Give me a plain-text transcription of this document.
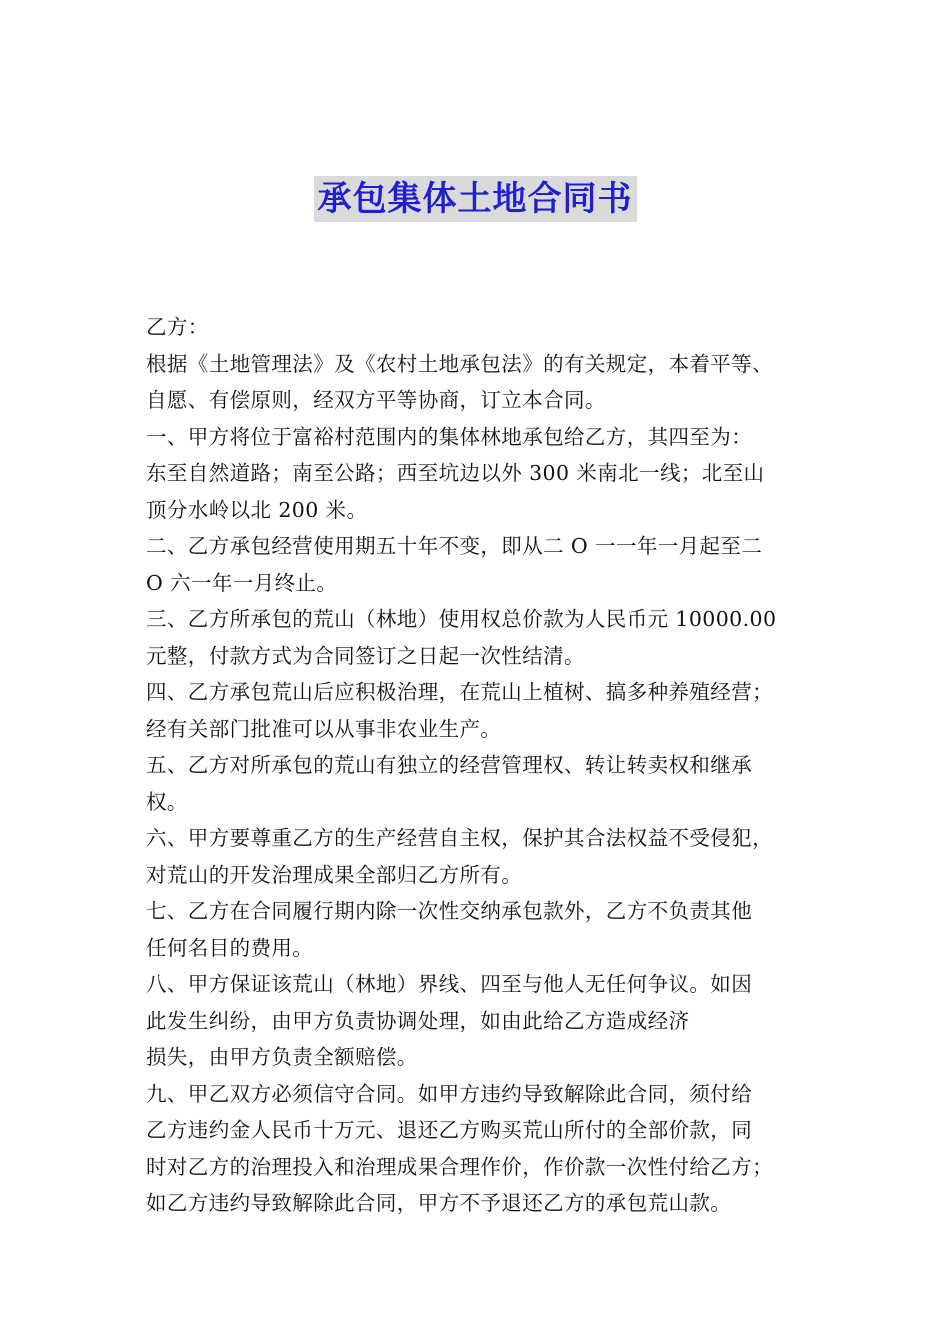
承包集体土地合同书
乙方：
根据《土地管理法》及《农村土地承包法》的有关规定，本着平等、
自愿、有偿原则，经双方平等协商，订立本合同。
一、甲方将位于富裕村范围内的集体林地承包给乙方，其四至为：
东至自然道路；南至公路；西至坑边以外 300 米南北一线；北至山
顶分水岭以北 200 米。
二、乙方承包经营使用期五十年不变，即从二 O 一一年一月起至二
O 六一年一月终止。
三、乙方所承包的荒山（林地）使用权总价款为人民币元 10000.00
元整，付款方式为合同签订之日起一次性结清。
四、乙方承包荒山后应积极治理，在荒山上植树、搞多种养殖经营；
经有关部门批准可以从事非农业生产。
五、乙方对所承包的荒山有独立的经营管理权、转让转卖权和继承
权。
六、甲方要尊重乙方的生产经营自主权，保护其合法权益不受侵犯，
对荒山的开发治理成果全部归乙方所有。
七、乙方在合同履行期内除一次性交纳承包款外，乙方不负责其他
任何名目的费用。
八、甲方保证该荒山（林地）界线、四至与他人无任何争议。如因
此发生纠纷，由甲方负责协调处理，如由此给乙方造成经济
损失，由甲方负责全额赔偿。
九、甲乙双方必须信守合同。如甲方违约导致解除此合同，须付给
乙方违约金人民币十万元、退还乙方购买荒山所付的全部价款，同
时对乙方的治理投入和治理成果合理作价，作价款一次性付给乙方；
如乙方违约导致解除此合同，甲方不予退还乙方的承包荒山款。
